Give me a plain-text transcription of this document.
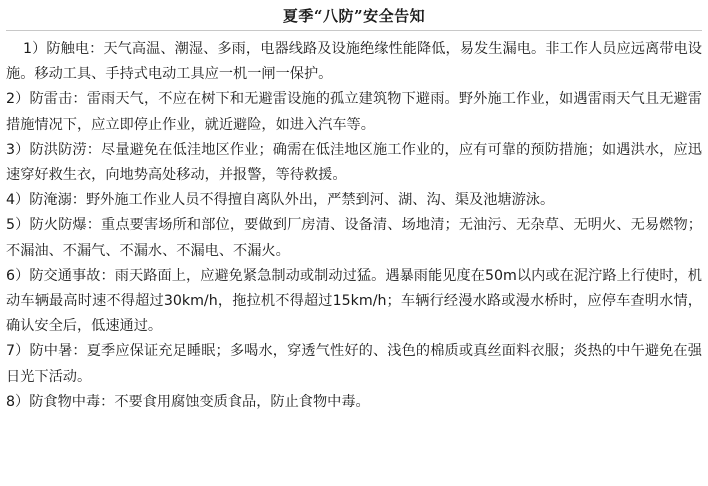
夏季“八防”安全告知

1）防触电：天气高温、潮湿、多雨，电器线路及设施绝缘性能降低，易发生漏电。非工作人员应远离带电设施。移动工具、手持式电动工具应一机一闸一保护。

2）防雷击：雷雨天气，不应在树下和无避雷设施的孤立建筑物下避雨。野外施工作业，如遇雷雨天气且无避雷措施情况下，应立即停止作业，就近避险，如进入汽车等。

3）防洪防涝：尽量避免在低洼地区作业；确需在低洼地区施工作业的，应有可靠的预防措施；如遇洪水，应迅速穿好救生衣，向地势高处移动，并报警，等待救援。

4）防淹溺：野外施工作业人员不得擅自离队外出，严禁到河、湖、沟、渠及池塘游泳。

5）防火防爆：重点要害场所和部位，要做到厂房清、设备清、场地清；无油污、无杂草、无明火、无易燃物；不漏油、不漏气、不漏水、不漏电、不漏火。

6）防交通事故：雨天路面上，应避免紧急制动或制动过猛。遇暴雨能见度在50m以内或在泥泞路上行使时，机动车辆最高时速不得超过30km/h，拖拉机不得超过15km/h；车辆行经漫水路或漫水桥时，应停车查明水情，确认安全后，低速通过。

7）防中暑：夏季应保证充足睡眠；多喝水，穿透气性好的、浅色的棉质或真丝面料衣服；炎热的中午避免在强日光下活动。

8）防食物中毒：不要食用腐蚀变质食品，防止食物中毒。
